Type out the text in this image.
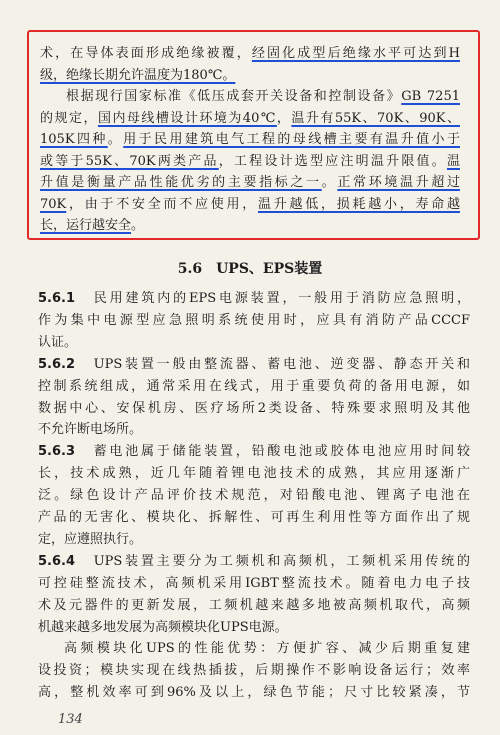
术，在导体表面形成绝缘被覆，经固化成型后绝缘水平可达到H
级，绝缘长期允许温度为180℃。
根据现行国家标准《低压成套开关设备和控制设备》GB 7251
的规定，国内母线槽设计环境为40℃，温升有55K、70K、90K、
105K四种。用于民用建筑电气工程的母线槽主要有温升值小于
或等于55K、70K两类产品，工程设计选型应注明温升限值。温
升值是衡量产品性能优劣的主要指标之一。正常环境温升超过
70K，由于不安全而不应使用，温升越低，损耗越小，寿命越
长，运行越安全。
5.6　UPS、EPS装置
5.6.1　民用建筑内的EPS电源装置，一般用于消防应急照明，
作为集中电源型应急照明系统使用时，应具有消防产品CCCF
认证。
5.6.2　UPS装置一般由整流器、蓄电池、逆变器、静态开关和
控制系统组成，通常采用在线式，用于重要负荷的备用电源，如
数据中心、安保机房、医疗场所2类设备、特殊要求照明及其他
不允许断电场所。
5.6.3　蓄电池属于储能装置，铅酸电池或胶体电池应用时间较
长，技术成熟，近几年随着锂电池技术的成熟，其应用逐渐广
泛。绿色设计产品评价技术规范，对铅酸电池、锂离子电池在
产品的无害化、模块化、拆解性、可再生利用性等方面作出了规
定，应遵照执行。
5.6.4　UPS装置主要分为工频机和高频机，工频机采用传统的
可控硅整流技术，高频机采用IGBT整流技术。随着电力电子技
术及元器件的更新发展，工频机越来越多地被高频机取代，高频
机越来越多地发展为高频模块化UPS电源。
高频模块化UPS的性能优势：方便扩容、减少后期重复建
设投资；模块实现在线热插拔，后期操作不影响设备运行；效率
高，整机效率可到96%及以上，绿色节能；尺寸比较紧凑，节
134
